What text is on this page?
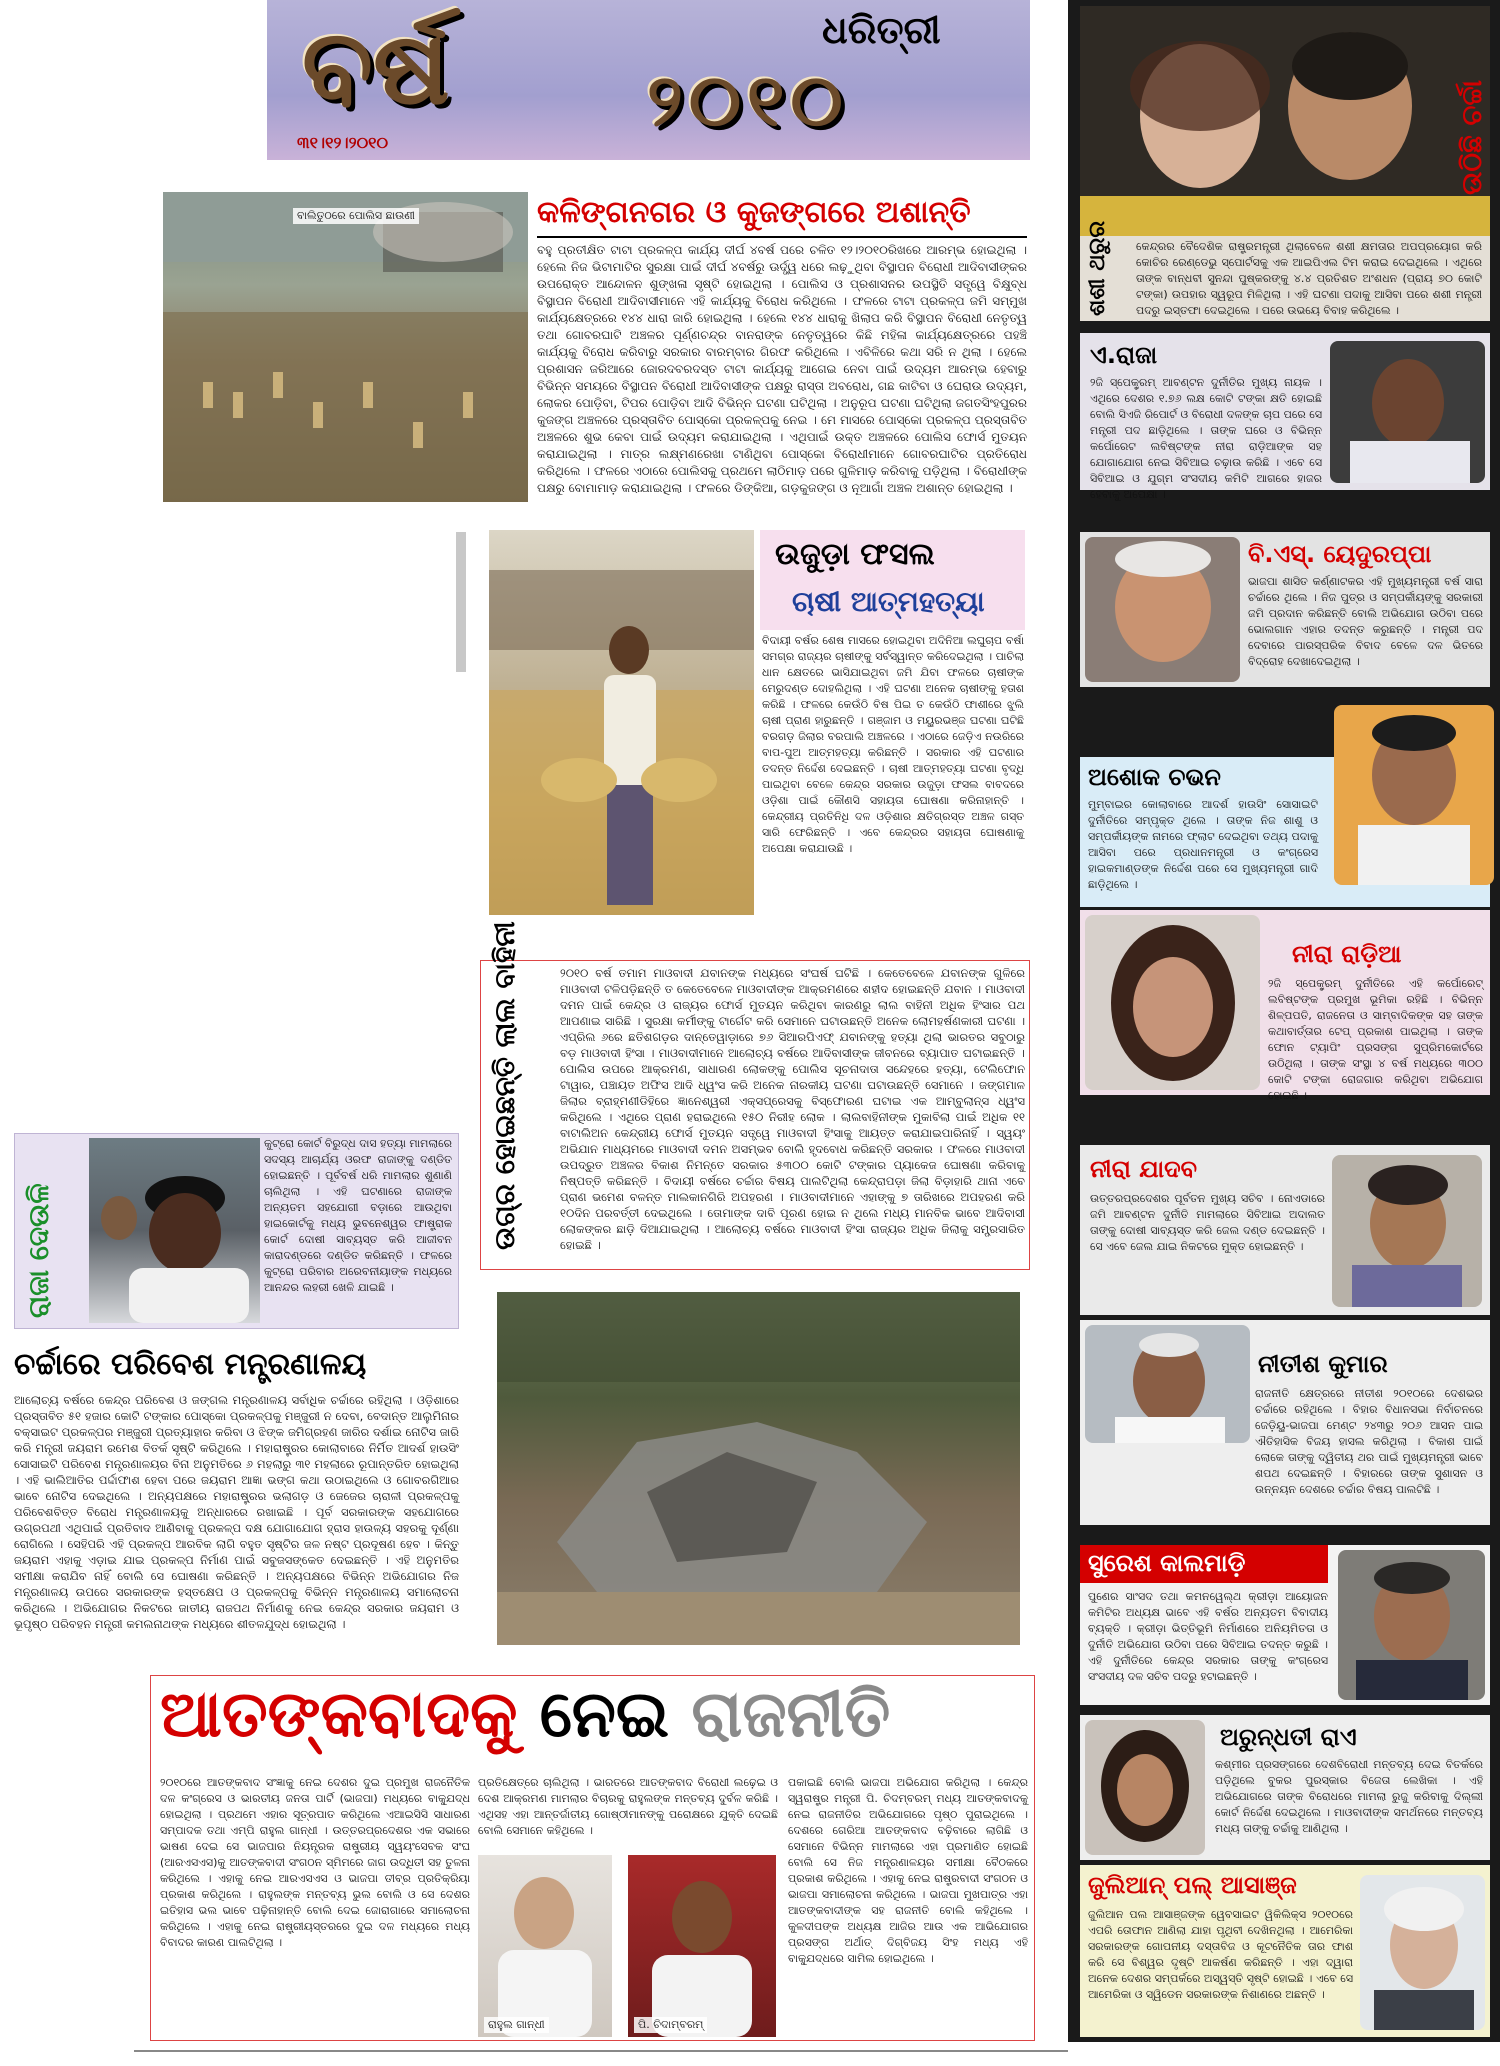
ବର୍ଷ	ଧରିତ୍ରୀ
୨୦୧୦
୩୧।୧୨।୨୦୧୦
ବାଲିତୁଠରେ ପୋଲିସ ଛାଉଣୀ	କଳିଙ୍ଗନଗର ଓ କୁଜଙ୍ଗରେ ଅଶାନ୍ତି
ବହୁ ପ୍ରତୀକ୍ଷିତ ଟାଟା ପ୍ରକଳ୍ପ କାର୍ଯ୍ୟ ଦୀର୍ଘ ୪ବର୍ଷ ପରେ ଚଳିତ ୧୨।୨୦୧୦ରିଖରେ ଆରମ୍ଭ ହୋଇଥିଲା । ହେଲେ ନିଜ ଭିଟାମାଟିର ସୁରକ୍ଷା ପାଇଁ ଦୀର୍ଘ ୪ବର୍ଷରୁ ଊର୍ଦ୍ଧ୍ୱ ଧରେ ଲଢ଼ୁଥିବା ବିସ୍ଥାପନ ବିରୋଧୀ ଆଦିବାସୀଙ୍କର ଉପରୋକ୍ତ ଆନ୍ଦୋଳନ ଶୁଙ୍ଖଳା ସୃଷ୍ଟି ହୋଇଥିଲା । ପୋଲିସ ଓ ପ୍ରଶାସନର ଉପସ୍ଥିତି ସତ୍ତ୍ୱେ ବିକ୍ଷୁବ୍ଧ ବିସ୍ଥାପନ ବିରୋଧୀ ଆଦିବାସୀମାନେ ଏହି କାର୍ଯ୍ୟକୁ ବିରୋଧ କରିଥିଲେ । ଫଳରେ ଟାଟା ପ୍ରକଳ୍ପ ଜମି ସମ୍ମୁଖ କାର୍ଯ୍ୟକ୍ଷେତ୍ରରେ ୧୪୪ ଧାରା ଜାରି ହୋଇଥିଲା । ହେଲେ ୧୪୪ ଧାରାକୁ ଖିଲାପ କରି ବିସ୍ଥାପନ ବିରୋଧୀ ନେତୃତ୍ୱ ତଥା ଗୋବରଘାଟି ଅଞ୍ଚଳର ପୂର୍ଣ୍ଣଚନ୍ଦ୍ର ବାନରାଙ୍କ ନେତୃତ୍ୱରେ କିଛି ମହିଳା କାର୍ଯ୍ୟକ୍ଷେତ୍ରରେ ପହଞ୍ଚି କାର୍ଯ୍ୟକୁ ବିରୋଧ କରିବାରୁ ସରକାର ବାରମ୍ବାର ଗିରଫ କରିଥିଲେ । ଏବିଳିରେ କଥା ସରି ନ ଥିଲା । ହେଲେ ପ୍ରଶାସନ ଜରିଆରେ ଜୋରଦବରଦସ୍ତ ଟାଟା କାର୍ଯ୍ୟକୁ ଆଗେଇ ନେବା ପାଇଁ ଉଦ୍ୟମ ଆରମ୍ଭ ହେବାରୁ ବିଭିନ୍ନ ସମୟରେ ବିସ୍ଥାପନ ବିରୋଧୀ ଆଦିବାସୀଙ୍କ ପକ୍ଷରୁ ରାସ୍ତା ଅବରୋଧ, ଗଛ କାଟିବା ଓ ଘେରାଉ ଉଦ୍ୟମ, ଲୋକର ପୋଡ଼ିବା, ଟିପର ପୋଡ଼ିବା ଆଦି ବିଭିନ୍ନ ଘଟଣା ଘଟିଥିଲା । ଅନୁରୂପ ଘଟଣା ଘଟିଥିଲା ଜଗତସିଂହପୁରର କୁଜଙ୍ଗ ଅଞ୍ଚଳରେ ପ୍ରସ୍ତାବିତ ପୋସ୍କୋ ପ୍ରକଳ୍ପକୁ ନେଇ । ମେ ମାସରେ ପୋସ୍କୋ ପ୍ରକଳ୍ପ ପ୍ରସ୍ତାବିତ ଅଞ୍ଚଳରେ ଶୁଭ କେବା ପାଇଁ ଉଦ୍ୟମ କରାଯାଇଥିଲା । ଏଥିପାଇଁ ଉକ୍ତ ଅଞ୍ଚଳରେ ପୋଲିସ ଫୋର୍ସ ମୁତୟନ କରାଯାଇଥିଲା । ମାତ୍ର ଲକ୍ଷ୍ମଣରେଖା ଟାଣିଥିବା ପୋସ୍କୋ ବିରୋଧୀମାନେ ଗୋବରଘାଟିର ପ୍ରତିରୋଧ କରିଥିଲେ । ଫଳରେ ଏଠାରେ ପୋଲିସକୁ ପ୍ରଥମେ ଲାଠିମାଡ଼ ପରେ ଗୁଳିମାଡ଼ କରିବାକୁ ପଡ଼ିଥିଲା । ବିରୋଧୀଙ୍କ ପକ୍ଷରୁ ବୋମାମାଡ଼ କରାଯାଇଥିଲା । ଫଳରେ ଡିଙ୍କିଆ, ଗଡ଼କୁଜଙ୍ଗ ଓ ନୂଆଗାଁ ଅଞ୍ଚଳ ଅଶାନ୍ତ ହୋଇଥିଲା ।
ଉଜୁଡ଼ା ଫସଲ
ଚାଷୀ ଆତ୍ମହତ୍ୟା
ବିଦାୟୀ ବର୍ଷର ଶେଷ ମାସରେ ହୋଇଥିବା ଅଦିନିଆ ଲଘୁଚାପ ବର୍ଷା ସମଗ୍ର ରାଜ୍ୟର ଚାଷୀଙ୍କୁ ସର୍ବସ୍ୱାନ୍ତ କରିଦେଇଥିଲା । ପାଚିଲା ଧାନ କ୍ଷେତରେ ଭାସିଯାଇଥିବା ଜମି ଯିବା ଫଳରେ ଚାଷୀଙ୍କ ମେରୁଦଣ୍ଡ ଦୋହଲିଥିଲା । ଏହି ଘଟଣା ଅନେକ ଚାଷୀଙ୍କୁ ହତାଶ କରିଛି । ଫଳରେ କେଉଁଠି ବିଷ ପିଇ ତ କେଉଁଠି ଫାଶୀରେ ଝୁଲି ଚାଷୀ ପ୍ରାଣ ହାରୁଛନ୍ତି । ଗଞ୍ଜାମ ଓ ମୟୁରଭଞ୍ଜ ଘଟଣା ଘଟିଛି ବରଗଡ଼ ଜିଲାର ବରପାଲି ଅଞ୍ଚଳରେ । ଏଠାରେ ଜେଡ଼ିଏ ନଉରିରେ ବାପ-ପୁଅ ଆତ୍ମହତ୍ୟା କରିଛନ୍ତି । ସରକାର ଏହି ଘଟଣାର ତଦନ୍ତ ନିର୍ଦ୍ଦେଶ ଦେଇଛନ୍ତି । ଚାଷୀ ଆତ୍ମହତ୍ୟା ଘଟଣା ବୃଦ୍ଧି ପାଇଥିବା ବେଳେ କେନ୍ଦ୍ର ସରକାର ଉଜୁଡ଼ା ଫସଲ ବାବଦରେ ଓଡ଼ିଶା ପାଇଁ କୌଣସି ସହାୟତା ଘୋଷଣା କରିନାହାନ୍ତି । କେନ୍ଦ୍ରୀୟ ପ୍ରତିନିଧି ଦଳ ଓଡ଼ିଶାର କ୍ଷତିଗ୍ରସ୍ତ ଅଞ୍ଚଳ ଗସ୍ତ ସାରି ଫେରିଛନ୍ତି । ଏବେ କେନ୍ଦ୍ରର ସହାୟତା ଘୋଷଣାକୁ ଅପେକ୍ଷା କରାଯାଉଛି ।
ଉଗ୍ର ହୋଇଛନ୍ତି ଲାଲ ବାହିନୀ	୨୦୧୦ ବର୍ଷ ତମାମ ମାଓବାଦୀ ଯବାନଙ୍କ ମଧ୍ୟରେ ସଂଘର୍ଷ ଘଟିଛି । କେତେବେଳେ ଯବାନଙ୍କ ଗୁଳିରେ ମାଓବାଦୀ ଟଳିପଡ଼ିଛନ୍ତି ତ କେତେବେଳେ ମାଓବାଦୀଙ୍କ ଆକ୍ରମଣରେ ଶହୀଦ ହୋଇଛନ୍ତି ଯବାନ । ମାଓବାଦୀ ଦମନ ପାଇଁ କେନ୍ଦ୍ର ଓ ରାଜ୍ୟର ଫୋର୍ସ ମୁତୟନ କରିଥିବା କାରଣରୁ ଲାଲ ବାହିନୀ ଅଧିକ ହିଂସାର ପଥ ଆପଣାଇ ସାରିଛି । ସୁରକ୍ଷା କର୍ମୀଙ୍କୁ ଟାର୍ଗେଟ କରି ସେମାନେ ଘଟାଉଛନ୍ତି ଅନେକ ଲୋମହର୍ଷଣକାରୀ ଘଟଣା । ଏପ୍ରିଲ ୬ରେ ଛତିଶଗଡ଼ର ଦାନ୍ତେୱାଡ଼ାରେ ୭୬ ସିଆରପିଏଫ୍ ଯବାନଙ୍କୁ ହତ୍ୟା ଥିଲା ଭାରତର ସବୁଠାରୁ ବଡ଼ ମାଓବାଦୀ ହିଂସା । ମାଓବାଦୀମାନେ ଆଲୋଚ୍ୟ ବର୍ଷରେ ଆଦିବାସୀଙ୍କ ଜୀବନରେ ବ୍ୟାପାତ ଘଟାଇଛନ୍ତି । ପୋଲିସ ଉପରେ ଆକ୍ରମଣ, ସାଧାରଣ ଲୋକଙ୍କୁ ପୋଲିସ ସୂଚନାଦାତା ସନ୍ଦେହରେ ହତ୍ୟା, ଟେଲିଫୋନ ଟାୱାର, ପଞ୍ଚାୟତ ଅଫିସ ଆଦି ଧ୍ୱଂସ କରି ଅନେକ ନାରକୀୟ ଘଟଣା ଘଟାଉଛନ୍ତି ସେମାନେ । ଜଙ୍ଗମାଳ ଜିଲାର ବ୍ରାହ୍ମଣୀଡିହିରେ ଜ୍ଞାନେଶ୍ୱରୀ ଏକ୍ସପ୍ରେସକୁ ବିସ୍ଫୋରଣ ଘଟାଇ ଏକ ଆମ୍ବୁଲାନ୍ସ ଧ୍ୱଂସ କରିଥିଲେ । ଏଥିରେ ପ୍ରାଣ ହରାଇଥିଲେ ୧୫୦ ନିରୀହ ଲୋକ । ଲାଲବାହିନୀଙ୍କ ମୁକାବିଲା ପାଇଁ ଅଧିକ ୧୧ ବାଟାଲିଅନ କେନ୍ଦ୍ରୀୟ ଫୋର୍ସ ମୁତୟନ ସତ୍ତ୍ୱେ ମାଓବାଦୀ ହିଂସାକୁ ଆୟତ୍ତ କରାଯାଇପାରିନାହିଁ । ସ୍ୱୟଂ ଅଭିଯାନ ମାଧ୍ୟମରେ ମାଓବାଦୀ ଦମନ ଅସମ୍ଭବ ବୋଲି ହୃଦବୋଧ କରିଛନ୍ତି ସରକାର । ଫଳରେ ମାଓବାଦୀ ଉପଦ୍ରୁତ ଅଞ୍ଚଳର ବିକାଶ ନିମନ୍ତେ ସରକାର ୫୩୦୦ କୋଟି ଟଙ୍କାର ପ୍ୟାକେଜ ଘୋଷଣା କରିବାକୁ ନିଷ୍ପତ୍ତି କରିଛନ୍ତି । ବିଦାୟୀ ବର୍ଷରେ ଚର୍ଚ୍ଚାର ବିଷୟ ପାଲଟିଥିଲା କେନ୍ଦ୍ରାପଡ଼ା ଜିଲା ବିଡ଼ାହାରି ଥାନା ଏବେ ପ୍ରାଣ ଭମେଶ ବଳନ୍ତ ମାଲକାନଗିରି ଅପହରଣ । ମାଓବାଦୀମାନେ ଏହାଙ୍କୁ ୭ ତାରିଖରେ ଅପହରଣ କରି ୧୦ଦିନ ପରବର୍ତ୍ତୀ ଦେଇଥିଲେ । ତୋମାଙ୍କ ଦାବି ପୂରଣ ହୋଇ ନ ଥିଲେ ମଧ୍ୟ ମାନବିକ ଭାବେ ଆଦିବାସୀ ଲୋକଙ୍କର ଛାଡ଼ି ଦିଆଯାଇଥିଲା । ଆଲୋଚ୍ୟ ବର୍ଷରେ ମାଓବାଦୀ ହିଂସା ରାଜ୍ୟର ଅଧିକ ଜିଲାକୁ ସମ୍ପ୍ରସାରିତ ହୋଇଛି ।
ରାଜା ଦେଉଳି
କୁଟ୍ରୋ କୋର୍ଟ ବିରୁଦ୍ଧ ଦାସ ହତ୍ୟା ମାମଲାରେ ସଦସ୍ୟ ଆଚାର୍ଯ୍ୟ ଓରଫ ରାଜାଙ୍କୁ ଦଣ୍ଡିତ ହୋଇଛନ୍ତି । ପୂର୍ବବର୍ଷ ଧରି ମାମଲାର ଶୁଣାଣି ଚାଲିଥିଲା । ଏହି ଘଟଣାରେ ରାଜାଙ୍କ ଅନ୍ୟତମ ସହଯୋଗୀ ବଡ଼ାରେ ଆଉଥିବା ହାଇକୋର୍ଟକୁ ମଧ୍ୟ ଭୁବନେଶ୍ୱର ଫାଷ୍ଟ୍ରାକ କୋର୍ଟ ଦୋଷୀ ସାବ୍ୟସ୍ତ କରି ଆଜୀବନ କାରାଦଣ୍ଡରେ ଦଣ୍ଡିତ କରିଛନ୍ତି । ଫଳରେ କୁଟ୍ରୋ ପରିବାର ଅରେବନୀୟାଙ୍କ ମଧ୍ୟରେ ଆନନ୍ଦର ଲହରୀ ଖେଳି ଯାଇଛି ।
ଚର୍ଚ୍ଚାରେ ପରିବେଶ ମନ୍ତ୍ରଣାଳୟ
ଆଲୋଚ୍ୟ ବର୍ଷରେ କେନ୍ଦ୍ର ପରିବେଶ ଓ ଜଙ୍ଗଲ ମନ୍ତ୍ରଣାଳୟ ସର୍ବାଧିକ ଚର୍ଚ୍ଚାରେ ରହିଥିଲା । ଓଡ଼ିଶାରେ ପ୍ରସ୍ତାବିତ ୫୧ ହଜାର କୋଟି ଟଙ୍କାର ପୋସ୍କୋ ପ୍ରକଳ୍ପକୁ ମଞ୍ଜୁରୀ ନ ଦେବା, ବେଦାନ୍ତ ଆଲୁମିନାର ବକ୍ସାଇଟ ପ୍ରକଳ୍ପର ମଞ୍ଜୁରୀ ପ୍ରତ୍ୟାହାର କରିବା ଓ ଝିଙ୍କ ଜମିଗ୍ରହଣ ଜାରିର ଦର୍ଶାଇ ନୋଟିସ ଜାରି କରି ମନ୍ତ୍ରୀ ଜୟରାମ ରମେଶ ବିତର୍କ ସୃଷ୍ଟି କରିଥିଲେ । ମହାରାଷ୍ଟ୍ରର କୋଲାବାରେ ନିର୍ମିତ ଆଦର୍ଶ ହାଉସିଂ ସୋସାଇଟି ପରିବେଶ ମନ୍ତ୍ରଣାଳୟର ବିନା ଅନୁମତିରେ ୬ ମହଲାରୁ ୩୧ ମହଲାରେ ରୂପାନ୍ତରିତ ହୋଇଥିଲା । ଏହି ଭାଲିଆତିର ପର୍ଦ୍ଦାଫାଶ ହେବା ପରେ ଜୟରାମ ଆଜ୍ଞା ଭଙ୍ଗ କଥା ଉଠାଇଥିଲେ ଓ ଗୋବରଗିଆର ଭାବେ ନୋଟିସ ଦେଇଥିଲେ । ଅନ୍ୟପକ୍ଷରେ ମହାରାଷ୍ଟ୍ରର ଭଲାଗଡ଼ ଓ ଜେଜେର ଚାରାଳୀ ପ୍ରକଳ୍ପକୁ ପରିବେଶବିତ୍ତ ବିରୋଧ ମନ୍ତ୍ରଣାଳୟକୁ ଅନ୍ଧାରରେ ରଖାଇଛି । ପୂର୍ବ ସରକାରଙ୍କ ସହଯୋଗରେ ଉଗ୍ରପଥୀ ଏଥିପାଇଁ ପ୍ରତିବାଦ ଆଣିବାକୁ ପ୍ରକଳ୍ପ ଦକ୍ଷ ଯୋଗାଯୋଗ ହ୍ରାସ ହାଉଳ୍ୟ ସହରକୁ ଦୂର୍ଣ୍ଣା ରୋଗିଲେ । ସେହିପରି ଏହି ପ୍ରକଳ୍ପ ଆରବିକ ଲାଗି ବହୁତ ସୃଷ୍ଟିର ଜଳ ନଷ୍ଟ ପ୍ରଦୂଷଣ ହେବ । କିନ୍ତୁ ଜୟରାମ ଏହାକୁ ଏଡ଼ାଇ ଯାଇ ପ୍ରକଳ୍ପ ନିର୍ମାଣ ପାଇଁ ସବୁଜସଙ୍କେତ ଦେଇଛନ୍ତି । ଏହି ଅନୁମତିର ସମୀକ୍ଷା କରାଯିବ ନାହିଁ ବୋଲି ସେ ଘୋଷଣା କରିଛନ୍ତି । ଅନ୍ୟପକ୍ଷରେ ବିଭିନ୍ନ ଅଭିଯୋଗର ନିଜ ମନ୍ତ୍ରଣାଳୟ ଉପରେ ସରକାରଙ୍କ ହସ୍ତକ୍ଷେପ ଓ ପ୍ରକଳ୍ପକୁ ବିଭିନ୍ନ ମନ୍ତ୍ରଣାଳୟ ସମାଲୋଚନା କରିଥିଲେ । ଅଭିଯୋଗର ନିକଟରେ ଜାତୀୟ ରାଜପଥ ନିର୍ମାଣକୁ ନେଇ କେନ୍ଦ୍ର ସରକାର ଜୟରାମ ଓ ଭୂପୃଷ୍ଠ ପରିବହନ ମନ୍ତ୍ରୀ କମଲନାଥଙ୍କ ମଧ୍ୟରେ ଶୀତଳଯୁଦ୍ଧ ହୋଇଥିଲା ।
ଆତଙ୍କବାଦକୁ ନେଇ ରାଜନୀତି
୨୦୧୦ରେ ଆତଙ୍କବାଦ ସଂଜ୍ଞାକୁ ନେଇ ଦେଶର ଦୁଇ ପ୍ରମୁଖ ରାଜନୈତିକ ଦଳ କଂଗ୍ରେସ ଓ ଭାରତୀୟ ଜନତା ପାର୍ଟି (ଭାଜପା) ମଧ୍ୟରେ ବାକ୍ଯୁଦ୍ଧ ହୋଇଥିଲା । ପ୍ରଥମେ ଏହାର ସୂତ୍ରପାତ କରିଥିଲେ ଏଆଇସିସି ସାଧାରଣ ସମ୍ପାଦକ ତଥା ଏମ୍‌ପି ରାହୁଲ ଗାନ୍ଧୀ । ଉତ୍ତରପ୍ରଦେଶର ଏକ ସଭାରେ ଭାଷଣ ଦେଇ ସେ ଭାଜପାର ନିୟନ୍ତ୍ରକ ରାଷ୍ଟ୍ରୀୟ ସ୍ୱୟଂସେବକ ସଂଘ (ଆରଏସଏସ)କୁ ଆତଙ୍କବାଦୀ ସଂଗଠନ ସ୍ମିମରେ ଜାଗ ଉଦ୍ଧିତୀ ସହ ତୁଳନା କରିଥିଲେ । ଏହାକୁ ନେଇ ଆରଏସଏସ ଓ ଭାଜପା ତୀବ୍ର ପ୍ରତିକ୍ରିୟା ପ୍ରକାଶ କରିଥିଲେ । ରାହୁଲଙ୍କ ମନ୍ତବ୍ୟ ଭୁଲ ବୋଲି ଓ ସେ ଦେଶର ଇତିହାସ ଭଲ ଭାବେ ପଢ଼ିନାହାନ୍ତି ବୋଲି ଦେଇ ଜୋରାଗାରେ ସମାଲୋଚନା କରିଥିଲେ । ଏହାକୁ ନେଇ ରାଷ୍ଟ୍ରୀୟସ୍ତରରେ ଦୁଇ ଦଳ ମଧ୍ୟରେ ମଧ୍ୟ ବିବାଦର କାରଣ ପାଲଟିଥିଲା ।
ପ୍ରତିକ୍ଷେତ୍ରେ ଚାଲିଥିଲା । ଭାରତରେ ଆତଙ୍କବାଦ ବିରୋଧୀ ଲଢ଼େଇ ଓ ଦେଶ ଆକ୍ରମଣ ମାମଲାର ବିଚାରକୁ ରାହୁଲଙ୍କ ମନ୍ତବ୍ୟ ଦୁର୍ବଳ କରିଛି । ଏଥିସହ ଏହା ଆନ୍ତର୍ଜାତୀୟ ଗୋଷ୍ଠୀମାନଙ୍କୁ ପରୋକ୍ଷରେ ଯୁକ୍ତି ଦେଇଛି ବୋଲି ସେମାନେ କହିଥିଲେ ।
ରାହୁଲ ଗାନ୍ଧୀ	ପି. ଚିଦାମ୍ବରମ୍
ପକାଇଛି ବୋଲି ଭାଜପା ଅଭିଯୋଗ କରିଥିଲା । କେନ୍ଦ୍ର ସ୍ୱରାଷ୍ଟ୍ର ମନ୍ତ୍ରୀ ପି. ଚିଦମ୍ବରମ୍ ମଧ୍ୟ ଆତଙ୍କବାଦକୁ ନେଇ ରାଜନୀତିର ଅଭିଯୋଗରେ ପୃଷ୍ଠ ପୁରାଇଥିଲେ । ଦେଶରେ ଗେରିଆ ଆତଙ୍କବାଦ ବଢ଼ିବାରେ ଲାଗିଛି ଓ ସେମାନେ ବିଭିନ୍ନ ମାମଲାରେ ଏହା ପ୍ରମାଣିତ ହୋଇଛି ବୋଲି ସେ ନିଜ ମନ୍ତ୍ରଣାଳୟର ସମୀକ୍ଷା ବୈଠକରେ ପ୍ରକାଶ କରିଥିଲେ । ଏହାକୁ ନେଇ ରାଷ୍ଟ୍ରବାଦୀ ସଂଗଠନ ଓ ଭାଜପା ସମାଲୋଚନା କରିଥିଲେ । ଭାଜପା ମୁଖପାତ୍ର ଏହା ଆତଙ୍କବାଦୀଙ୍କ ସହ ରାଜନୀତି ବୋଲି କହିଥିଲେ । କୁଳଦୀପଙ୍କ ଅଧ୍ୟକ୍ଷ ଆଜିର ଆଉ ଏକ ଆଭିଯୋଗର ପ୍ରସଙ୍ଗ ଅର୍ଥାତ୍ ଦିଗ୍‌ବିଜୟ ସିଂହ ମଧ୍ୟ ଏହି ବାକ୍ଯୁଦ୍ଧରେ ସାମିଲ ହୋଇଥିଲେ ।
କେନ୍ଦ୍ରର ବୈଦେଶିକ ରାଷ୍ଟ୍ରମନ୍ତ୍ରୀ ଥିଲାବେଳେ ଶଶୀ କ୍ଷମତାର ଅପପ୍ରୟୋଗ କରି କୋଚିର ରେଣ୍ଡେଭୁ ସ୍ପୋର୍ଟସକୁ ଏକ ଆଇପିଏଲ ଟିମ କରାଇ ଦେଇଥିଲେ । ଏଥିରେ ତାଙ୍କ ବାନ୍ଧବୀ ସୁନନ୍ଦା ପୁଷ୍କରଙ୍କୁ ୪.୪ ପ୍ରତିଶତ ଅଂଶଧନ (ପ୍ରାୟ ୭୦ କୋଟି ଟଙ୍କା) ଉପହାର ସ୍ୱରୂପ ମିଳିଥିଲା । ଏହି ଘଟଣା ପଦାକୁ ଆସିବା ପରେ ଶଶୀ ମନ୍ତ୍ରୀ ପଦରୁ ଇସ୍ତଫା ଦେଇଥିଲେ । ପରେ ଉଭୟେ ବିବାହ କରିଥିଲେ ।
ଶଶୀ ଥରୁର
ଉଠିଛି ଚର୍ଚ୍ଚା
ଏ.ରାଜା
୨ଜି ସ୍ପେକ୍ଟ୍ରମ୍ ଆବଣ୍ଟନ ଦୁର୍ନୀତିର ମୁଖ୍ୟ ନାୟକ । ଏଥିରେ ଦେଶର ୧.୭୬ ଲକ୍ଷ କୋଟି ଟଙ୍କା କ୍ଷତି ହୋଇଛି ବୋଲି ସିଏଜି ରିପୋର୍ଟ ଓ ବିରୋଧୀ ଦଳଙ୍କ ଚାପ ପରେ ସେ ମନ୍ତ୍ରୀ ପଦ ଛାଡ଼ିଥିଲେ । ତାଙ୍କ ଘରେ ଓ ବିଭିନ୍ନ କର୍ପୋରେଟ ଲବିଷ୍ଟଙ୍କ ନୀରା ରାଡ଼ିଆଙ୍କ ସହ ଯୋଗାଯୋଗ ନେଇ ସିବିଆଇ ଚଢ଼ାଉ କରିଛି । ଏବେ ସେ ସିବିଆଇ ଓ ଯୁଗ୍ମ ସଂସଦୀୟ କମିଟି ଆଗରେ ହାଜର ହେବାକୁ ଅପେକ୍ଷା ।
ବି.ଏସ୍. ୟେଦୁରପ୍ପା
ଭାଜପା ଶାସିତ କର୍ଣ୍ଣାଟକର ଏହି ମୁଖ୍ୟମନ୍ତ୍ରୀ ବର୍ଷ ସାରା ଚର୍ଚ୍ଚାରେ ଥିଲେ । ନିଜ ପୁତ୍ର ଓ ସମ୍ପର୍କୀୟଙ୍କୁ ସରକାରୀ ଜମି ପ୍ରଦାନ କରିଛନ୍ତି ବୋଲି ଅଭିଯୋଗ ଉଠିବା ପରେ ଭୋଲଗାନ ଏହାର ତଦନ୍ତ କରୁଛନ୍ତି । ମନ୍ତ୍ରୀ ପଦ ଦେବାରେ ପାରସ୍ପରିକ ବିବାଦ ବେଳେ ଦଳ ଭିତରେ ବିଦ୍ରୋହ ଦେଖାଦେଇଥିଲା ।
ଅଶୋକ ଚଭନ
ମୁମ୍ବାଇର କୋଲାବାରେ ଆଦର୍ଶ ହାଉସିଂ ସୋସାଇଟି ଦୁର୍ନୀତିରେ ସମ୍ପୃକ୍ତ ଥିଲେ । ତାଙ୍କ ନିଜ ଶାଶୁ ଓ ସମ୍ପର୍କୀୟଙ୍କ ନାମରେ ଫ୍ଲାଟ ଦେଇଥିବା ତଥ୍ୟ ପଦାକୁ ଆସିବା ପରେ ପ୍ରଧାନମନ୍ତ୍ରୀ ଓ କଂଗ୍ରେସ ହାଇକମାଣ୍ଡଙ୍କ ନିର୍ଦ୍ଦେଶ ପରେ ସେ ମୁଖ୍ୟମନ୍ତ୍ରୀ ଗାଦି ଛାଡ଼ିଥିଲେ ।
ନୀରା ରାଡ଼ିଆ
୨ଜି ସ୍ପେକ୍ଟ୍ରମ୍ ଦୁର୍ନୀତିରେ ଏହି କର୍ପୋରେଟ୍ ଲବିଷ୍ଟଙ୍କ ପ୍ରମୁଖ ଭୂମିକା ରହିଛି । ବିଭିନ୍ନ ଶିଳ୍ପପତି, ରାଜନେତା ଓ ସାମ୍ବାଦିକଙ୍କ ସହ ତାଙ୍କ କଥାବାର୍ତ୍ତାର ଟେପ୍ ପ୍ରକାଶ ପାଇଥିଲା । ତାଙ୍କ ଫୋନ ଟ୍ୟାପିଂ ପ୍ରସଙ୍ଗ ସୁପ୍ରିମକୋର୍ଟରେ ଉଠିଥିଲା । ତାଙ୍କ ସଂସ୍ଥା ୪ ବର୍ଷ ମଧ୍ୟରେ ୩୦୦ କୋଟି ଟଙ୍କା ରୋଜଗାର କରିଥିବା ଅଭିଯୋଗ ହୋଇଛି ।
ନୀରା ଯାଦବ
ଉତ୍ତରପ୍ରଦେଶର ପୂର୍ବତନ ମୁଖ୍ୟ ସଚିବ । ନୋଏଡାରେ ଜମି ଆବଣ୍ଟନ ଦୁର୍ନୀତି ମାମଲାରେ ସିବିଆଇ ଅଦାଲତ ତାଙ୍କୁ ଦୋଷୀ ସାବ୍ୟସ୍ତ କରି ଜେଲ ଦଣ୍ଡ ଦେଇଛନ୍ତି । ସେ ଏବେ ଜେଲ ଯାଇ ନିକଟରେ ମୁକ୍ତ ହୋଇଛନ୍ତି ।
ନୀତୀଶ କୁମାର
ରାଜନୀତି କ୍ଷେତ୍ରରେ ନୀତୀଶ ୨୦୧୦ରେ ଦେଶଭର ଚର୍ଚ୍ଚାରେ ରହିଥିଲେ । ବିହାର ବିଧାନସଭା ନିର୍ବାଚନରେ ଜେଡ଼ିୟୁ-ଭାଜପା ମେଣ୍ଟ ୨୪୩ରୁ ୨୦୬ ଆସନ ପାଇ ଐତିହାସିକ ବିଜୟ ହାସଲ କରିଥିଲା । ବିକାଶ ପାଇଁ ଲୋକେ ତାଙ୍କୁ ଦ୍ୱିତୀୟ ଥର ପାଇଁ ମୁଖ୍ୟମନ୍ତ୍ରୀ ଭାବେ ଶପଥ ଦେଇଛନ୍ତି । ବିହାରରେ ତାଙ୍କ ସୁଶାସନ ଓ ଉନ୍ନୟନ ଦେଶରେ ଚର୍ଚ୍ଚାର ବିଷୟ ପାଲଟିଛି ।
ସୁରେଶ କାଲମାଡ଼ି
ପୁଣେର ସାଂସଦ ତଥା କମନୱେଲ୍ଥ କ୍ରୀଡ଼ା ଆୟୋଜନ କମିଟିର ଅଧ୍ୟକ୍ଷ ଭାବେ ଏହି ବର୍ଷର ଅନ୍ୟତମ ବିବାଦୀୟ ବ୍ୟକ୍ତି । କ୍ରୀଡ଼ା ଭିତ୍ତିଭୂମି ନିର୍ମାଣରେ ଅନିୟମିତତା ଓ ଦୁର୍ନୀତି ଅଭିଯୋଗ ଉଠିବା ପରେ ସିବିଆଇ ତଦନ୍ତ କରୁଛି । ଏହି ଦୁର୍ନୀତିରେ କେନ୍ଦ୍ର ସରକାର ତାଙ୍କୁ କଂଗ୍ରେସ ସଂସଦୀୟ ଦଳ ସଚିବ ପଦରୁ ହଟାଇଛନ୍ତି ।
ଅରୁନ୍ଧତୀ ରାଏ
କଶ୍ମୀର ପ୍ରସଙ୍ଗରେ ଦେଶବିରୋଧୀ ମନ୍ତବ୍ୟ ଦେଇ ବିତର୍କରେ ପଡ଼ିଥିଲେ ବୁକର ପୁରସ୍କାର ବିଜେତା ଲେଖିକା । ଏହି ଅଭିଯୋଗରେ ତାଙ୍କ ବିରୋଧରେ ମାମଲା ରୁଜୁ କରିବାକୁ ଦିଲ୍ଲୀ କୋର୍ଟ ନିର୍ଦ୍ଦେଶ ଦେଇଥିଲେ । ମାଓବାଦୀଙ୍କ ସମର୍ଥନରେ ମନ୍ତବ୍ୟ ମଧ୍ୟ ତାଙ୍କୁ ଚର୍ଚ୍ଚାକୁ ଆଣିଥିଲା ।
ଜୁଲିଆନ୍ ପଲ୍ ଆସାଞ୍ଜ
ଜୁଲିଆନ ପଲ ଆସାଞ୍ଜଙ୍କ ୱେବସାଇଟ ୱିକିଲିକ୍ସ ୨୦୧୦ରେ ଏପରି ତୋଫାନ ଆଣିଲା ଯାହା ପୃଥିବୀ ଦେଖିନଥିଲା । ଆମେରିକା ସରକାରଙ୍କ ଗୋପନୀୟ ଦସ୍ତାବିଜ ଓ କୂଟନୈତିକ ତାର ଫାଶ କରି ସେ ବିଶ୍ୱର ଦୃଷ୍ଟି ଆକର୍ଷଣ କରିଛନ୍ତି । ଏହା ଦ୍ୱାରା ଅନେକ ଦେଶର ସମ୍ପର୍କରେ ଅସ୍ୱସ୍ତି ସୃଷ୍ଟି ହୋଇଛି । ଏବେ ସେ ଆମେରିକା ଓ ସ୍ୱିଡେନ ସରକାରଙ୍କ ନିଶାଣରେ ଅଛନ୍ତି ।
